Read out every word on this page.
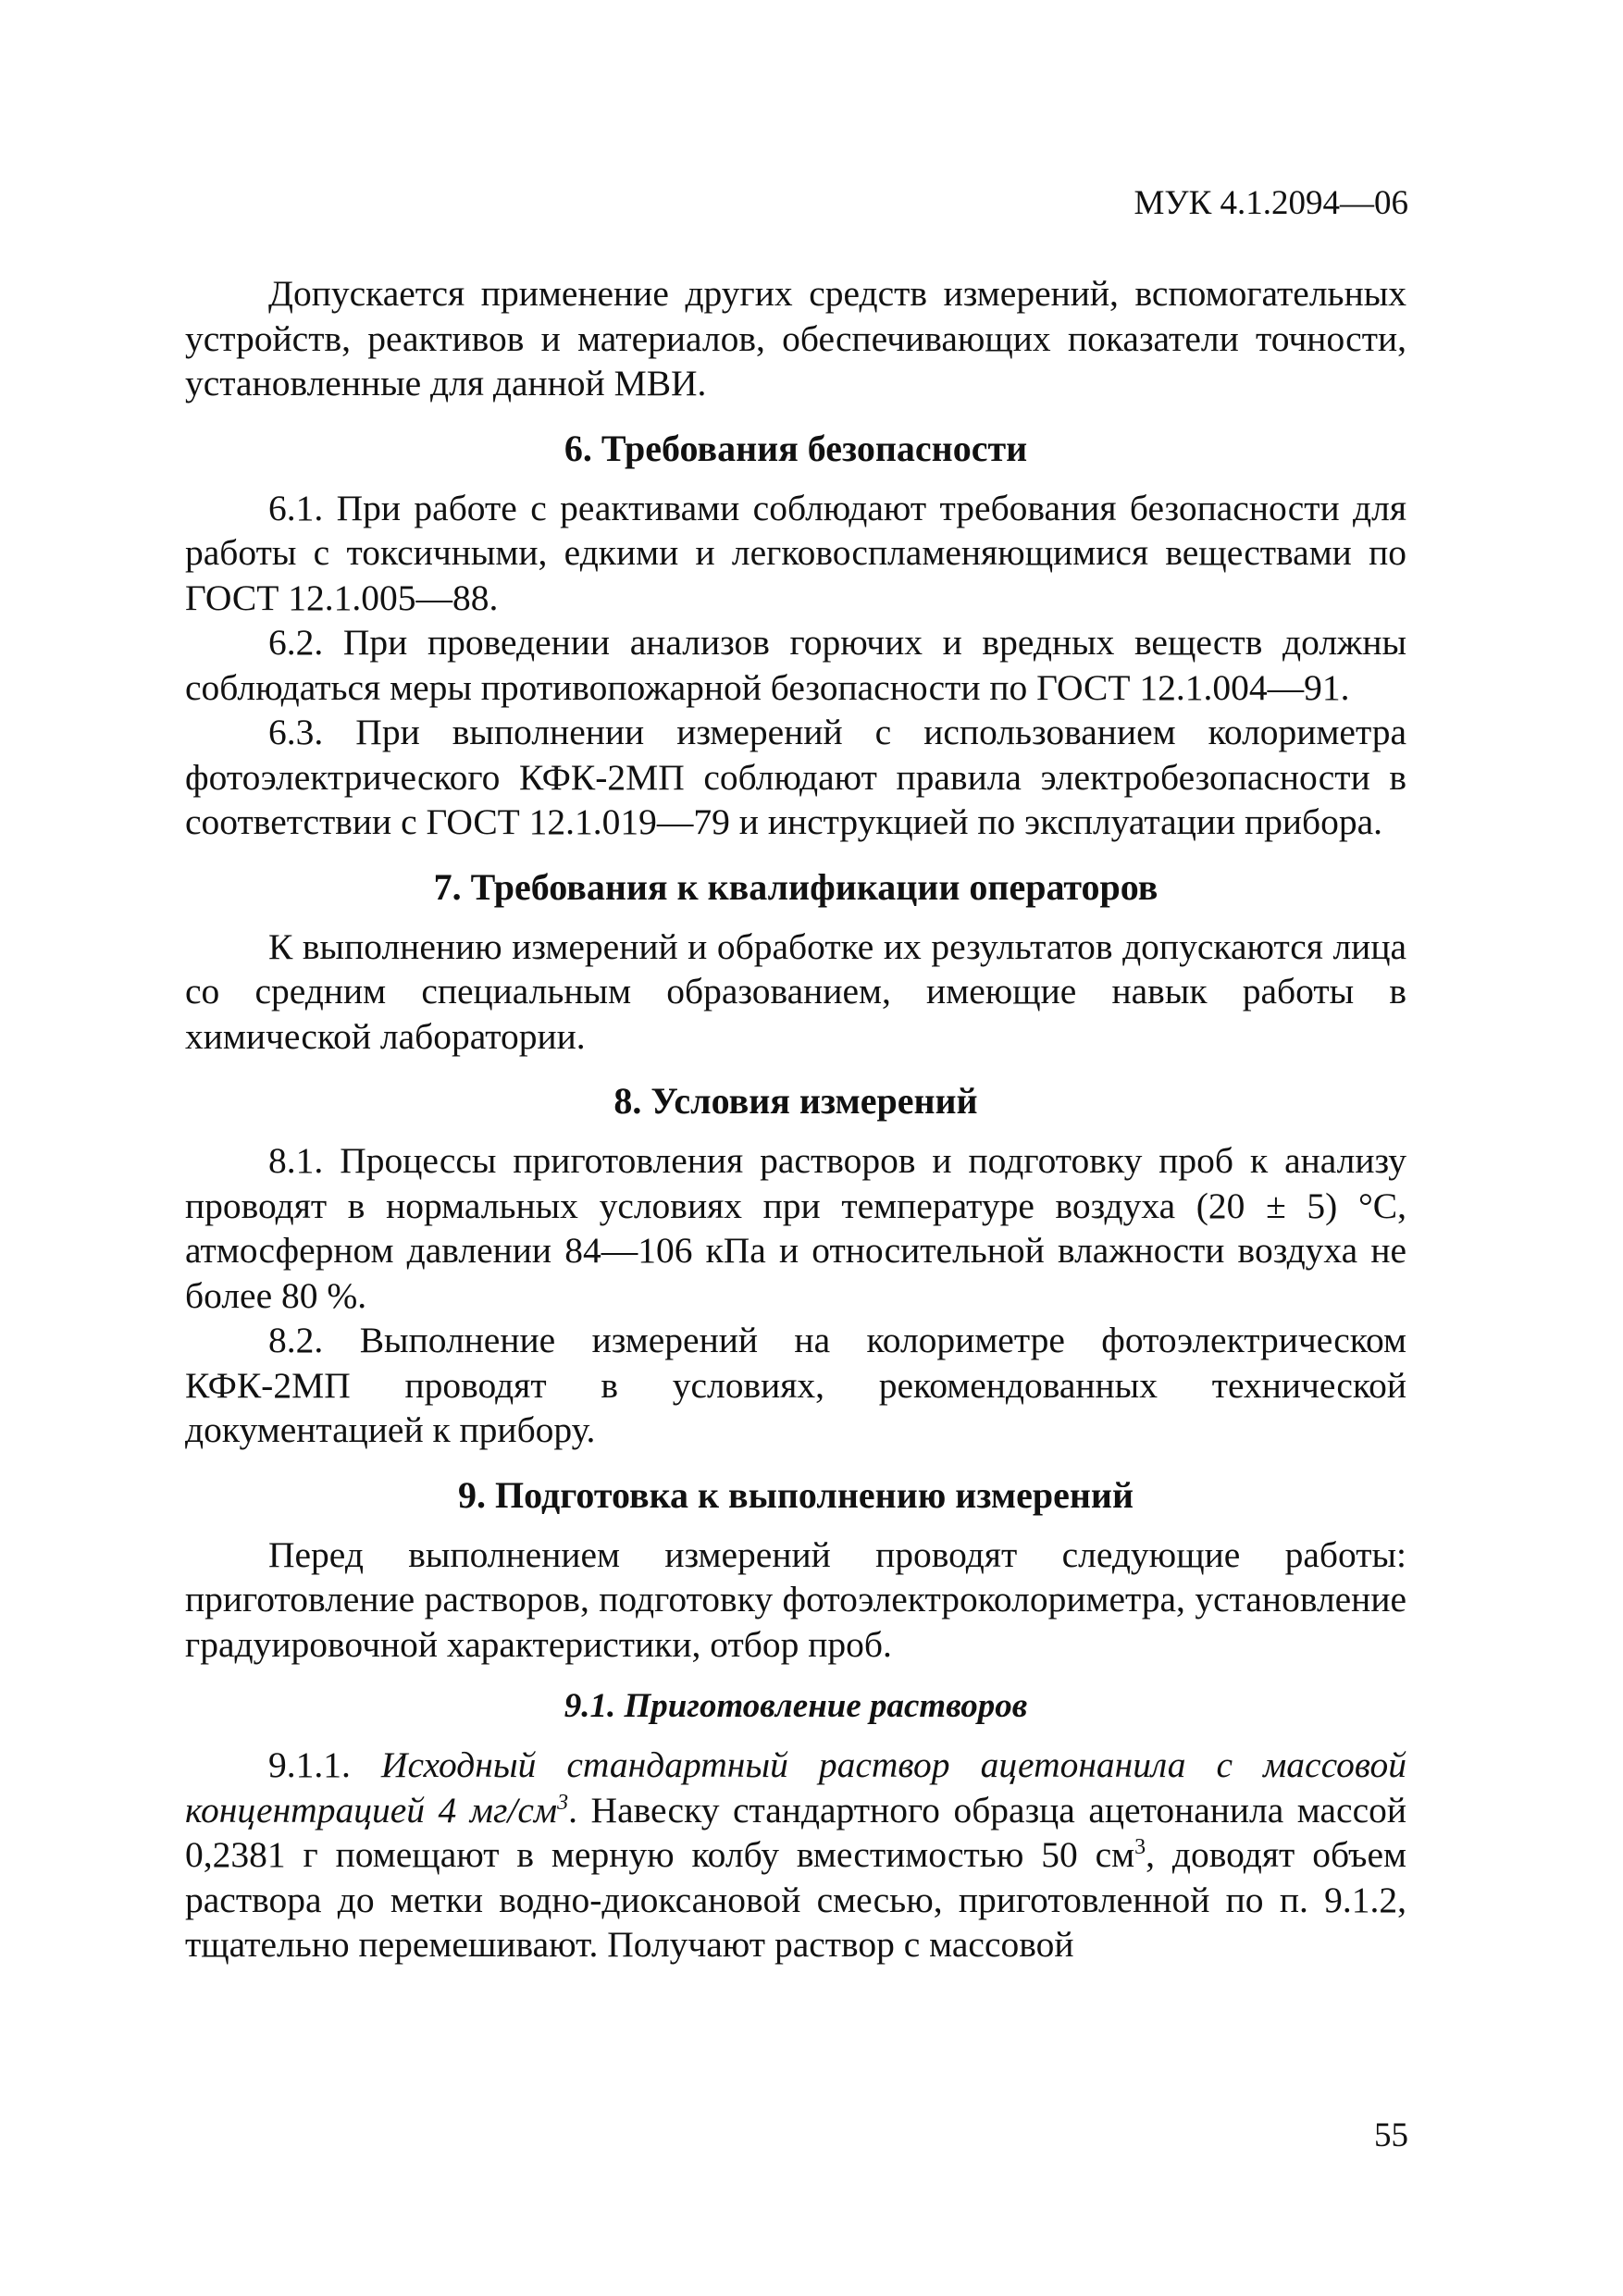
МУК 4.1.2094—06

Допускается применение других средств измерений, вспомогательных устройств, реактивов и материалов, обеспечивающих показатели точности, установленные для данной МВИ.

6. Требования безопасности

6.1. При работе с реактивами соблюдают требования безопасности для работы с токсичными, едкими и легковоспламеняющимися веществами по ГОСТ 12.1.005—88.

6.2. При проведении анализов горючих и вредных веществ должны соблюдаться меры противопожарной безопасности по ГОСТ 12.1.004—91.

6.3. При выполнении измерений с использованием колориметра фотоэлектрического КФК-2МП соблюдают правила электробезопасности в соответствии с ГОСТ 12.1.019—79 и инструкцией по эксплуатации прибора.

7. Требования к квалификации операторов

К выполнению измерений и обработке их результатов допускаются лица со средним специальным образованием, имеющие навык работы в химической лаборатории.

8. Условия измерений

8.1. Процессы приготовления растворов и подготовку проб к анализу проводят в нормальных условиях при температуре воздуха (20 ± 5) °С, атмосферном давлении 84—106 кПа и относительной влажности воздуха не более 80 %.

8.2. Выполнение измерений на колориметре фотоэлектрическом КФК-2МП проводят в условиях, рекомендованных технической документацией к прибору.

9. Подготовка к выполнению измерений

Перед выполнением измерений проводят следующие работы: приготовление растворов, подготовку фотоэлектроколориметра, установление градуировочной характеристики, отбор проб.

9.1. Приготовление растворов

9.1.1. Исходный стандартный раствор ацетонанила с массовой концентрацией 4 $мг/см^3$. Навеску стандартного образца ацетонанила массой 0,2381 г помещают в мерную колбу вместимостью 50 $см^3$, доводят объем раствора до метки водно-диоксановой смесью, приготовленной по п. 9.1.2, тщательно перемешивают. Получают раствор с массовой

55
